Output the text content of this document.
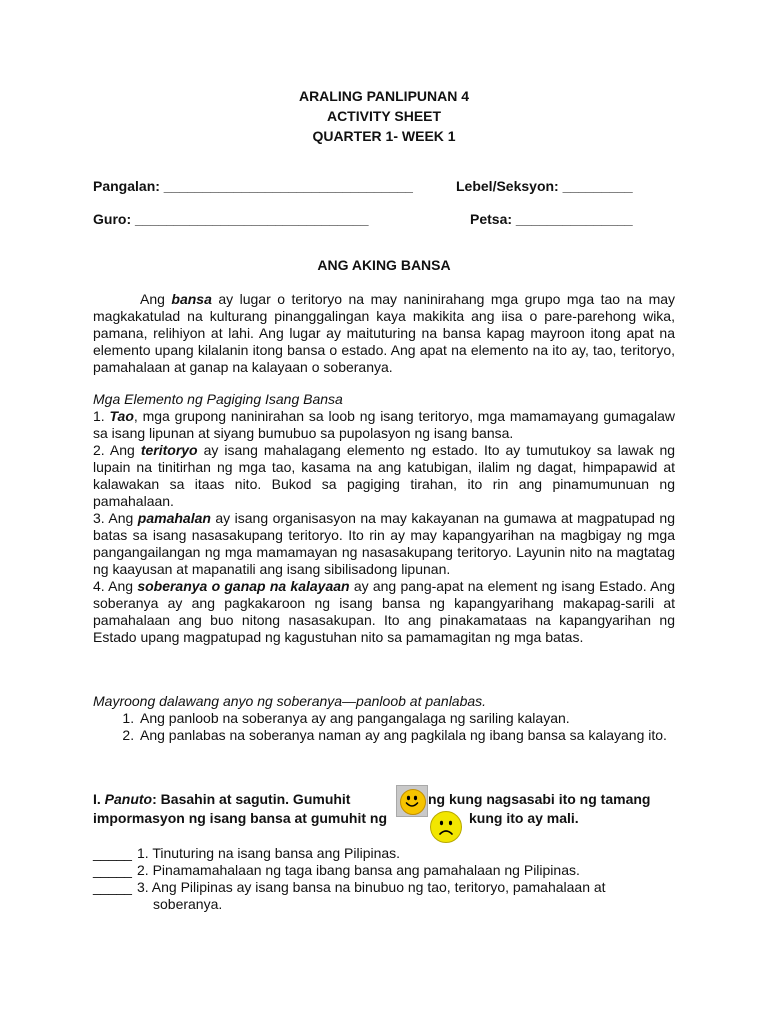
ARALING PANLIPUNAN 4
ACTIVITY SHEET
QUARTER 1- WEEK 1
Pangalan: ________________________________	Lebel/Seksyon: _________
Guro: ______________________________	Petsa: _______________
ANG AKING BANSA

Ang bansa ay lugar o teritoryo na may naninirahang mga grupo mga tao na may magkakatulad na kulturang pinanggalingan kaya makikita ang iisa o pare-parehong wika, pamana, relihiyon at lahi. Ang lugar ay maituturing na bansa kapag mayroon itong apat na elemento upang kilalanin itong bansa o estado. Ang apat na elemento na ito ay, tao, teritoryo, pamahalaan at ganap na kalayaan o soberanya.

Mga Elemento ng Pagiging Isang Bansa

1. Tao, mga grupong naninirahan sa loob ng isang teritoryo, mga mamamayang gumagalaw sa isang lipunan at siyang bumubuo sa pupolasyon ng isang bansa.

2. Ang teritoryo ay isang mahalagang elemento ng estado. Ito ay tumutukoy sa lawak ng lupain na tinitirhan ng mga tao, kasama na ang katubigan, ilalim ng dagat, himpapawid at kalawakan sa itaas nito. Bukod sa pagiging tirahan, ito rin ang pinamumunuan ng pamahalaan.

3. Ang pamahalan ay isang organisasyon na may kakayanan na gumawa at magpatupad ng batas sa isang nasasakupang teritoryo. Ito rin ay may kapangyarihan na magbigay ng mga pangangailangan ng mga mamamayan ng nasasakupang teritoryo. Layunin nito na magtatag ng kaayusan at mapanatili ang isang sibilisadong lipunan.

4. Ang soberanya o ganap na kalayaan ay ang pang-apat na element ng isang Estado. Ang soberanya ay ang pagkakaroon ng isang bansa ng kapangyarihang makapag-sarili at pamahalaan ang buo nitong nasasakupan. Ito ang pinakamataas na kapangyarihan ng Estado upang magpatupad ng kagustuhan nito sa pamamagitan ng mga batas.

Mayroong dalawang anyo ng soberanya—panloob at panlabas.

1. Ang panloob na soberanya ay ang pangangalaga ng sariling kalayan.
2. Ang panlabas na soberanya naman ay ang pagkilala ng ibang bansa sa kalayang ito.
I. Panuto: Basahin at sagutin. Gumuhit	ng kung nagsasabi ito ng tamang
impormasyon ng isang bansa at gumuhit ng	kung ito ay mali.
_____ 1. Tinuturing na isang bansa ang Pilipinas.
_____ 2. Pinamamahalaan ng taga ibang bansa ang pamahalaan ng Pilipinas.
_____ 3. Ang Pilipinas ay isang bansa na binubuo ng tao, teritoryo, pamahalaan at
soberanya.
